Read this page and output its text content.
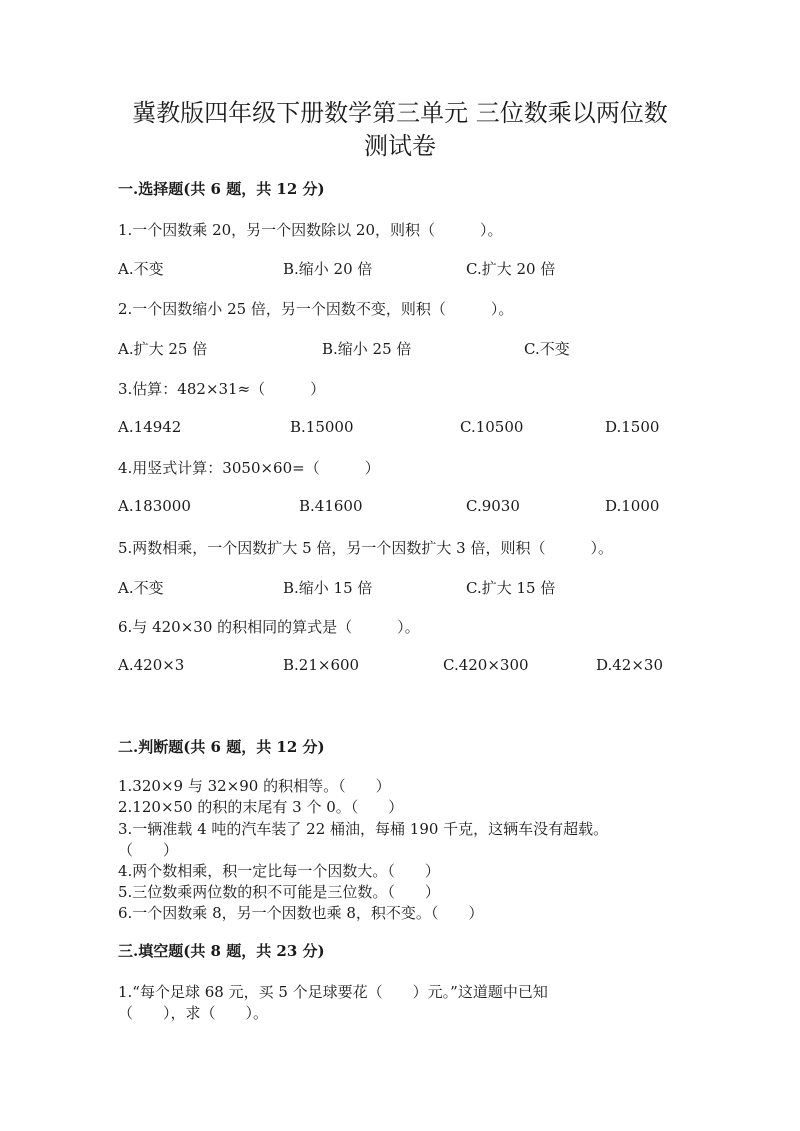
冀教版四年级下册数学第三单元 三位数乘以两位数
测试卷
一.选择题(共 6 题，共 12 分)
1.一个因数乘 20，另一个因数除以 20，则积（　　　）。
A.不变	B.缩小 20 倍	C.扩大 20 倍
2.一个因数缩小 25 倍，另一个因数不变，则积（　　　）。
A.扩大 25 倍	B.缩小 25 倍	C.不变
3.估算：482×31≈（　　　）
A.14942	B.15000	C.10500	D.1500
4.用竖式计算：3050×60=（　　　）
A.183000	B.41600	C.9030	D.1000
5.两数相乘，一个因数扩大 5 倍，另一个因数扩大 3 倍，则积（　　　）。
A.不变	B.缩小 15 倍	C.扩大 15 倍
6.与 420×30 的积相同的算式是（　　　）。
A.420×3	B.21×600	C.420×300	D.42×30
二.判断题(共 6 题，共 12 分)
1.320×9 与 32×90 的积相等。（　　）
2.120×50 的积的末尾有 3 个 0。（　　）
3.一辆准载 4 吨的汽车装了 22 桶油，每桶 190 千克，这辆车没有超载。
（　　）
4.两个数相乘，积一定比每一个因数大。（　　）
5.三位数乘两位数的积不可能是三位数。（　　）
6.一个因数乘 8，另一个因数也乘 8，积不变。（　　）
三.填空题(共 8 题，共 23 分)
1.“每个足球 68 元，买 5 个足球要花（　　）元。”这道题中已知
（　　），求（　　）。
